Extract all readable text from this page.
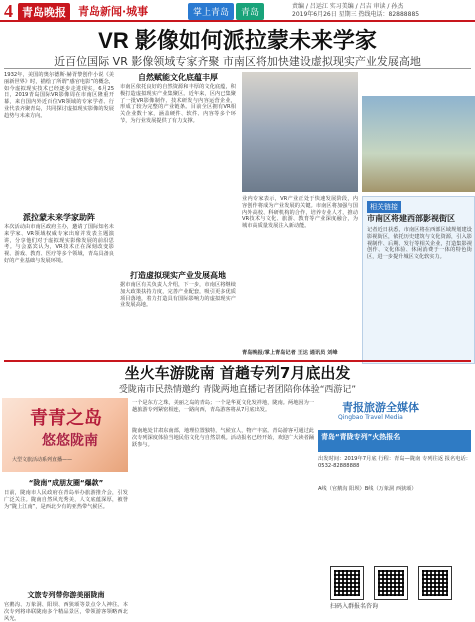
4 青岛晚报	青岛新闻·城事	掌上青岛	青岛
责编 / 吕运江 实习美编 / 吕吉 审读 / 孙杰
2019年6月26日 星期三 热线电话：82888885
VR 影像如何派拉蒙未来学家
近百位国际 VR 影像领域专家齐聚 市南区将加快建设虚拟现实产业发展高地
1932年，美国的奥尔德斯·赫胥黎创作小说《美丽新世界》时，描绘了所谓“感官电影”的概念，如今虚拟现实技术已经逐步走进现实。6月25日，2019青岛国际VR影像周在市南区隆重开幕，来自国内外近百位VR领域的专家学者、行业代表齐聚青岛，共同探讨虚拟现实影像的发展趋势与未来方向。
派拉蒙未来学家助阵
本次活动由市南区政府主办，邀请了国际知名未来学家、VR领域权威专家出席并发表主题演讲，分享他们对于虚拟现实影像发展的前沿思考。与会嘉宾认为，VR技术正在深刻改变影视、游戏、教育、医疗等多个领域，青岛具备良好的产业基础与发展环境。
自然赋能文化底蕴丰厚
市南区依托良好的自然资源和丰厚的文化底蕴，积极打造虚拟现实产业集聚区。近年来，区内已集聚了一批VR影像制作、技术研发与内容运营企业，形成了较为完整的产业链条。目前全区拥有VR相关企业数十家，涵盖硬件、软件、内容等多个环节，为行业发展提供了有力支撑。
打造虚拟现实产业发展高地
据市南区有关负责人介绍，下一步，市南区将继续加大政策扶持力度，完善产业配套，吸引更多优质项目落地，着力打造具有国际影响力的虚拟现实产业发展高地。
业内专家表示，VR产业正处于快速发展阶段，内容创作将成为产业发展的关键。市南区将加强与国内外高校、科研机构的合作，培养专业人才，推动VR技术与文化、旅游、教育等产业深度融合，为城市高质量发展注入新动能。
青岛晚报/掌上青岛记者 王达 通讯员 刘峰
相关链接
市南区将建西部影视街区
记者近日获悉，市南区将在西部区域规划建设影视街区，依托历史建筑与文化资源，引入影视制作、后期、发行等相关企业，打造集影视创作、文化体验、休闲消费于一体的特色街区，进一步提升城区文化软实力。
坐火车游陇南 首趟专列7月底出发
受陇南市民热情邀约 青陇两地直播记者团陪你体验“西游记”
青青之岛
悠悠陇南
大型文旅活动系列直播——
一个是东方之珠，美丽之岛的青岛；一个是华夏文化发祥地，陇南。两地因为一趟旅游专列紧密相连，一路向西，青岛游客将从7月底出发。
“陇南”成朋友圈“爆款”
日前，陇南市人民政府在青岛举办旅游推介会，引发广泛关注。陇南自然风光秀美，人文底蕴深厚，被誉为“陇上江南”，是西北少有的亚热带气候区。
文旅专列带你游美丽陇南
官鹅沟、万象洞、阳坝、西狭颂等景点令人神往。本次专列将串联陇南多个精品景区，带领游客领略西北风光。
陇南地处甘肃东南部，地理位置独特，气候宜人，物产丰富。青岛游客可通过此次专列深度体验当地民俗文化与自然景观。活动报名已经开始，欢迎广大读者踊跃参与。
青报旅游全媒体
Qingbao Travel Media
青岛“青陇专列”火热报名
出发时间：2019年7月底 行程：青岛—陇南 专列往返 报名电话：0532-82888888
A线（官鹅沟 阳坝）B线（万象洞 西狭颂）
扫码入群报名咨询
